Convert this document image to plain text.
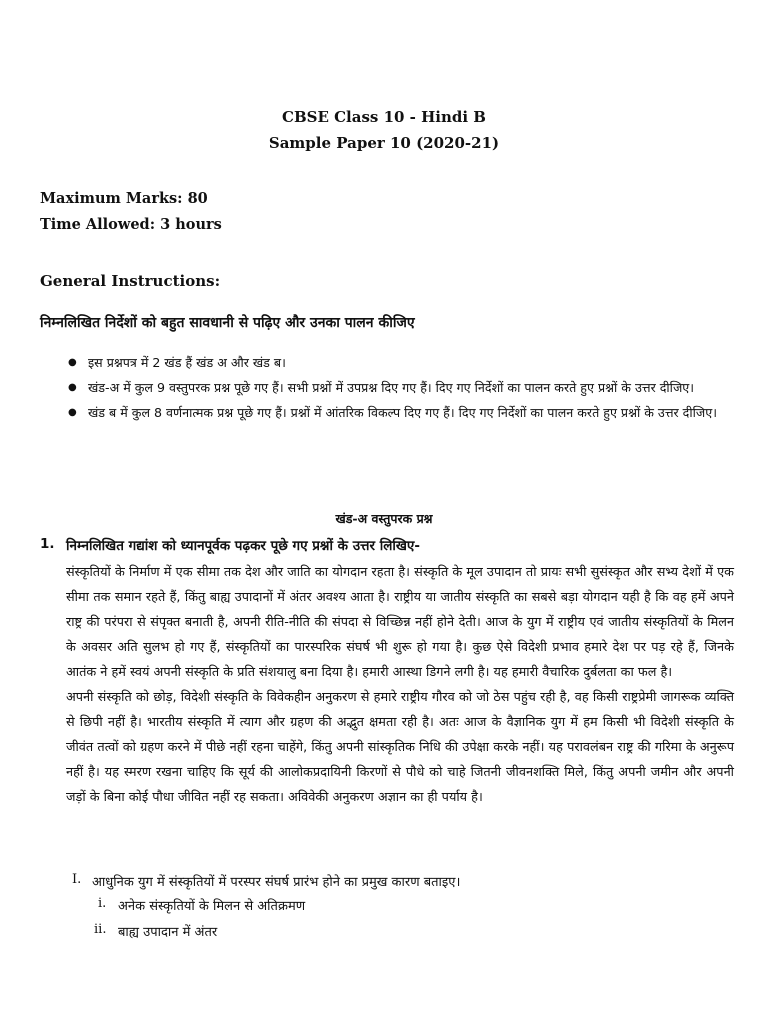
CBSE Class 10 - Hindi B
Sample Paper 10 (2020-21)
Maximum Marks: 80
Time Allowed: 3 hours
General Instructions:
निम्नलिखित निर्देशों को बहुत सावधानी से पढ़िए और उनका पालन कीजिए
● इस प्रश्नपत्र में 2 खंड हैं खंड अ और खंड ब।
● खंड-अ में कुल 9 वस्तुपरक प्रश्न पूछे गए हैं। सभी प्रश्नों में उपप्रश्न दिए गए हैं। दिए गए निर्देशों का पालन करते हुए प्रश्नों के उत्तर दीजिए।
● खंड ब में कुल 8 वर्णनात्मक प्रश्न पूछे गए हैं। प्रश्नों में आंतरिक विकल्प दिए गए हैं। दिए गए निर्देशों का पालन करते हुए प्रश्नों के उत्तर दीजिए।
खंड-अ वस्तुपरक प्रश्न
1. निम्नलिखित गद्यांश को ध्यानपूर्वक पढ़कर पूछे गए प्रश्नों के उत्तर लिखिए-

संस्कृतियों के निर्माण में एक सीमा तक देश और जाति का योगदान रहता है। संस्कृति के मूल उपादान तो प्रायः सभी सुसंस्कृत और सभ्य देशों में एक सीमा तक समान रहते हैं, किंतु बाह्य उपादानों में अंतर अवश्य आता है। राष्ट्रीय या जातीय संस्कृति का सबसे बड़ा योगदान यही है कि वह हमें अपने राष्ट्र की परंपरा से संपृक्त बनाती है, अपनी रीति-नीति की संपदा से विच्छिन्न नहीं होने देती। आज के युग में राष्ट्रीय एवं जातीय संस्कृतियों के मिलन के अवसर अति सुलभ हो गए हैं, संस्कृतियों का पारस्परिक संघर्ष भी शुरू हो गया है। कुछ ऐसे विदेशी प्रभाव हमारे देश पर पड़ रहे हैं, जिनके आतंक ने हमें स्वयं अपनी संस्कृति के प्रति संशयालु बना दिया है। हमारी आस्था डिगने लगी है। यह हमारी वैचारिक दुर्बलता का फल है।

अपनी संस्कृति को छोड़, विदेशी संस्कृति के विवेकहीन अनुकरण से हमारे राष्ट्रीय गौरव को जो ठेस पहुंच रही है, वह किसी राष्ट्रप्रेमी जागरूक व्यक्ति से छिपी नहीं है। भारतीय संस्कृति में त्याग और ग्रहण की अद्भुत क्षमता रही है। अतः आज के वैज्ञानिक युग में हम किसी भी विदेशी संस्कृति के जीवंत तत्वों को ग्रहण करने में पीछे नहीं रहना चाहेंगे, किंतु अपनी सांस्कृतिक निधि की उपेक्षा करके नहीं। यह परावलंबन राष्ट्र की गरिमा के अनुरूप नहीं है। यह स्मरण रखना चाहिए कि सूर्य की आलोकप्रदायिनी किरणों से पौधे को चाहे जितनी जीवनशक्ति मिले, किंतु अपनी जमीन और अपनी जड़ों के बिना कोई पौधा जीवित नहीं रह सकता। अविवेकी अनुकरण अज्ञान का ही पर्याय है।

I. आधुनिक युग में संस्कृतियों में परस्पर संघर्ष प्रारंभ होने का प्रमुख कारण बताइए।
i. अनेक संस्कृतियों के मिलन से अतिक्रमण
ii. बाह्य उपादान में अंतर
